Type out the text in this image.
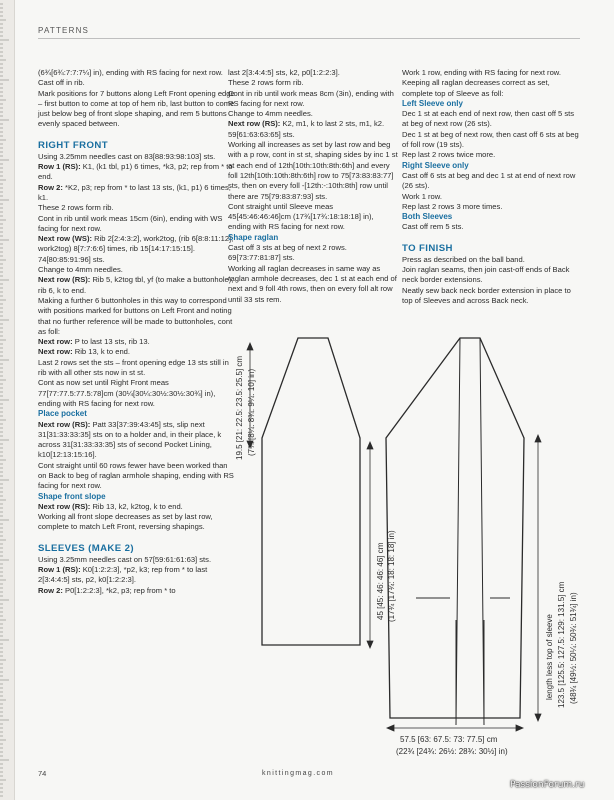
PATTERNS

(6¾[6¾:7:7:7¼] in), ending with RS facing for next row.

Cast off in rib.

Mark positions for 7 buttons along Left Front opening edge – first button to come at top of hem rib, last button to come just below beg of front slope shaping, and rem 5 buttons evenly spaced between.

RIGHT FRONT

Using 3.25mm needles cast on 83[88:93:98:103] sts.

Row 1 (RS): K1, (k1 tbl, p1) 6 times, *k3, p2; rep from * to end.

Row 2: *K2, p3; rep from * to last 13 sts, (k1, p1) 6 times, k1.

These 2 rows form rib.

Cont in rib until work meas 15cm (6in), ending with WS facing for next row.

Next row (WS): Rib 2[2:4:3:2], work2tog, (rib 6[8:8:11:12], work2tog) 8[7:7:6:6] times, rib 15[14:17:15:15]. 74[80:85:91:96] sts.

Change to 4mm needles.

Next row (RS): Rib 5, k2tog tbl, yf (to make a buttonhole), rib 6, k to end.

Making a further 6 buttonholes in this way to correspond with positions marked for buttons on Left Front and noting that no further reference will be made to buttonholes, cont as foll:

Next row: P to last 13 sts, rib 13.

Next row: Rib 13, k to end.

Last 2 rows set the sts – front opening edge 13 sts still in rib with all other sts now in st st.

Cont as now set until Right Front meas 77[77:77.5:77.5:78]cm (30¼[30¼:30½:30½:30¾] in), ending with RS facing for next row.

Place pocket

Next row (RS): Patt 33[37:39:43:45] sts, slip next 31[31:33:33:35] sts on to a holder and, in their place, k across 31[31:33:33:35] sts of second Pocket Lining, k10[12:13:15:16].

Cont straight until 60 rows fewer have been worked than on Back to beg of raglan armhole shaping, ending with RS facing for next row.

Shape front slope

Next row (RS): Rib 13, k2, k2tog, k to end.

Working all front slope decreases as set by last row, complete to match Left Front, reversing shapings.

SLEEVES (MAKE 2)

Using 3.25mm needles cast on 57[59:61:61:63] sts.

Row 1 (RS): K0[1:2:2:3], *p2, k3; rep from * to last 2[3:4:4:5] sts, p2, k0[1:2:2:3].

Row 2: P0[1:2:2:3], *k2, p3; rep from * to

last 2[3:4:4:5] sts, k2, p0[1:2:2:3].

These 2 rows form rib.

Cont in rib until work meas 8cm (3in), ending with RS facing for next row.

Change to 4mm needles.

Next row (RS): K2, m1, k to last 2 sts, m1, k2. 59[61:63:63:65] sts.

Working all increases as set by last row and beg with a p row, cont in st st, shaping sides by inc 1 st at each end of 12th[10th:10th:8th:6th] and every foll 12th[10th:10th:8th:6th] row to 75[73:83:83:77] sts, then on every foll -[12th:-:10th:8th] row until there are 75[79:83:87:93] sts.

Cont straight until Sleeve meas 45[45:46:46:46]cm (17¾[17¾:18:18:18] in), ending with RS facing for next row.

Shape raglan

Cast off 3 sts at beg of next 2 rows. 69[73:77:81:87] sts.

Working all raglan decreases in same way as raglan armhole decreases, dec 1 st at each end of next and 9 foll 4th rows, then on every foll alt row until 33 sts rem.

Work 1 row, ending with RS facing for next row.

Keeping all raglan decreases correct as set, complete top of Sleeve as foll:

Left Sleeve only

Dec 1 st at each end of next row, then cast off 5 sts at beg of next row (26 sts).

Dec 1 st at beg of next row, then cast off 6 sts at beg of foll row (19 sts).

Rep last 2 rows twice more.

Right Sleeve only

Cast off 6 sts at beg and dec 1 st at end of next row (26 sts).

Work 1 row.

Rep last 2 rows 3 more times.

Both Sleeves

Cast off rem 5 sts.

TO FINISH

Press as described on the ball band.

Join raglan seams, then join cast-off ends of Back neck border extensions.

Neatly sew back neck border extension in place to top of Sleeves and across Back neck.

19.5 [21: 22.5: 23.5: 25.5] cm (7¾ [8¼: 8¾: 9¼: 10] in)
45 [45: 46: 46: 46] cm (17¾ [17¾: 18: 18: 18] in)
length less top of sleeve 123.5 [125.5: 127.5: 129: 131.5] cm (48¾ [49½: 50¼: 50¾: 51¾] in)
57.5 [63: 67.5: 73: 77.5] cm
(22¾ [24¾: 26½: 28¾: 30½] in)
74	knittingmag.com
PassionForum.ru
